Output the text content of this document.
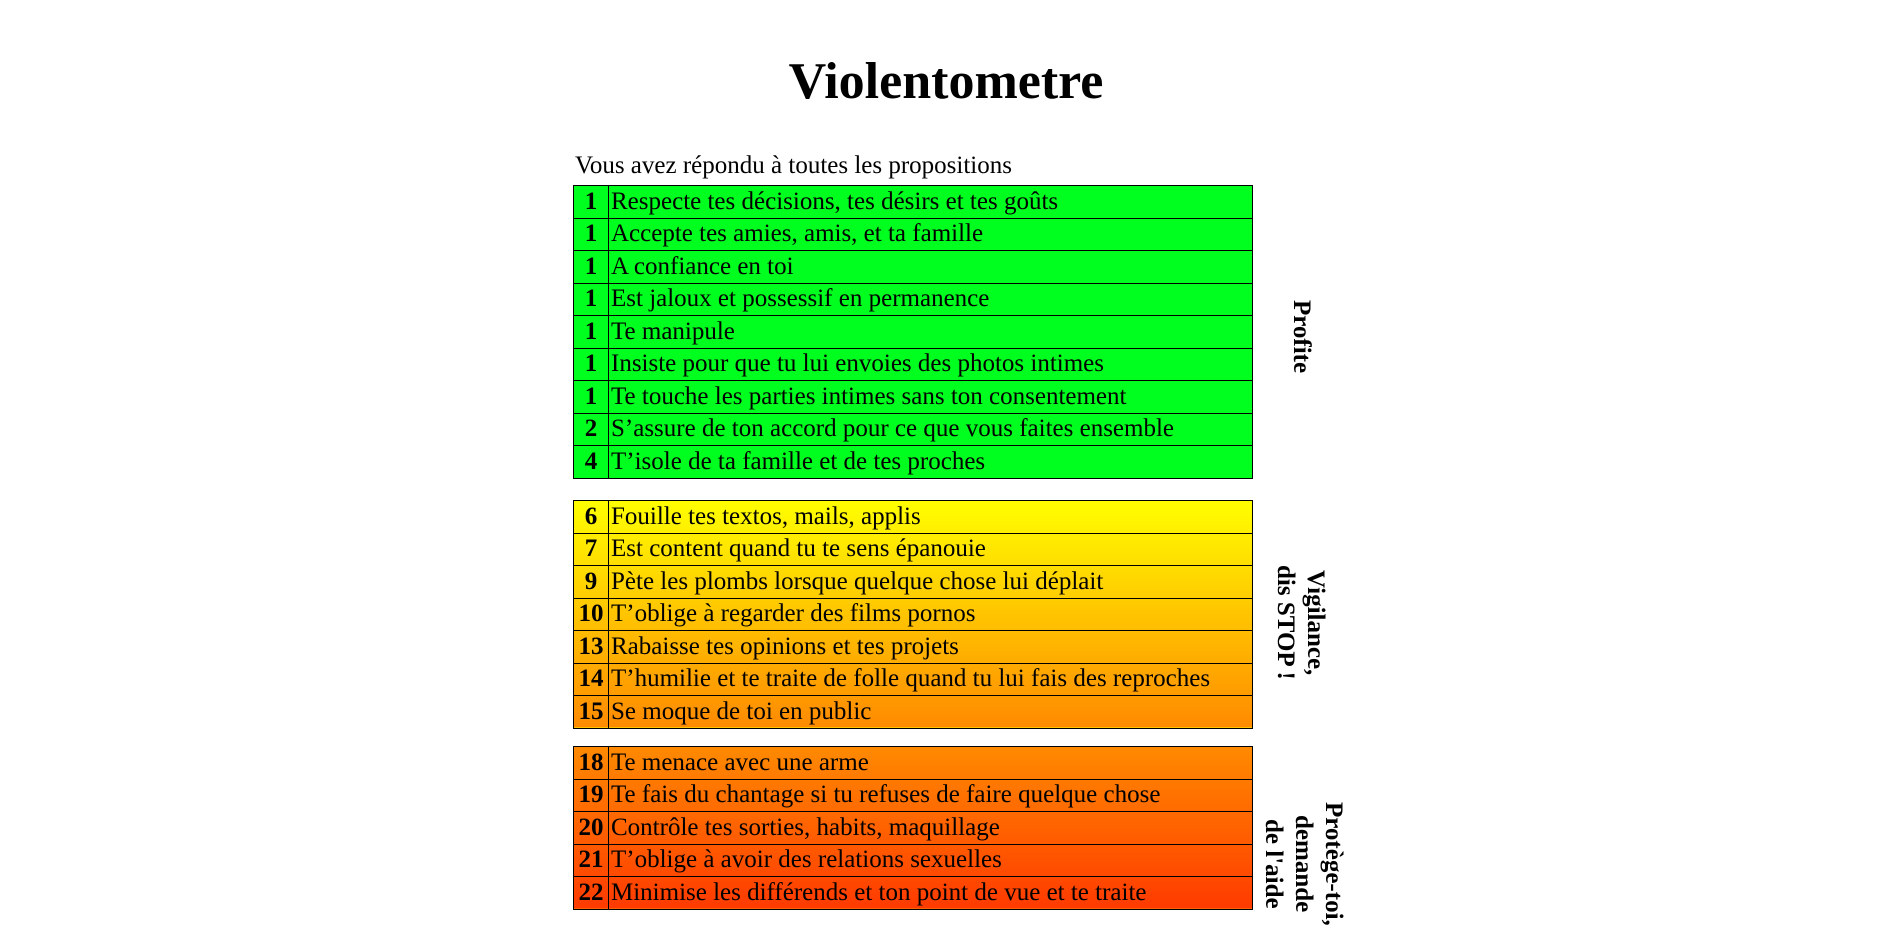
Violentometre
Vous avez répondu à toutes les propositions
1	Respecte tes décisions, tes désirs et tes goûts
1	Accepte tes amies, amis, et ta famille
1	A confiance en toi
1	Est jaloux et possessif en permanence
1	Te manipule
1	Insiste pour que tu lui envoies des photos intimes
1	Te touche les parties intimes sans ton consentement
2	S’assure de ton accord pour ce que vous faites ensemble
4	T’isole de ta famille et de tes proches
Profite
6	Fouille tes textos, mails, applis
7	Est content quand tu te sens épanouie
9	Pète les plombs lorsque quelque chose lui déplait
10	T’oblige à regarder des films pornos
13	Rabaisse tes opinions et tes projets
14	T’humilie et te traite de folle quand tu lui fais des reproches
15	Se moque de toi en public
Vigilance,
dis STOP !
18	Te menace avec une arme
19	Te fais du chantage si tu refuses de faire quelque chose
20	Contrôle tes sorties, habits, maquillage
21	T’oblige à avoir des relations sexuelles
22	Minimise les différends et ton point de vue et te traite	Protège-toi,
demande
de l'aide
